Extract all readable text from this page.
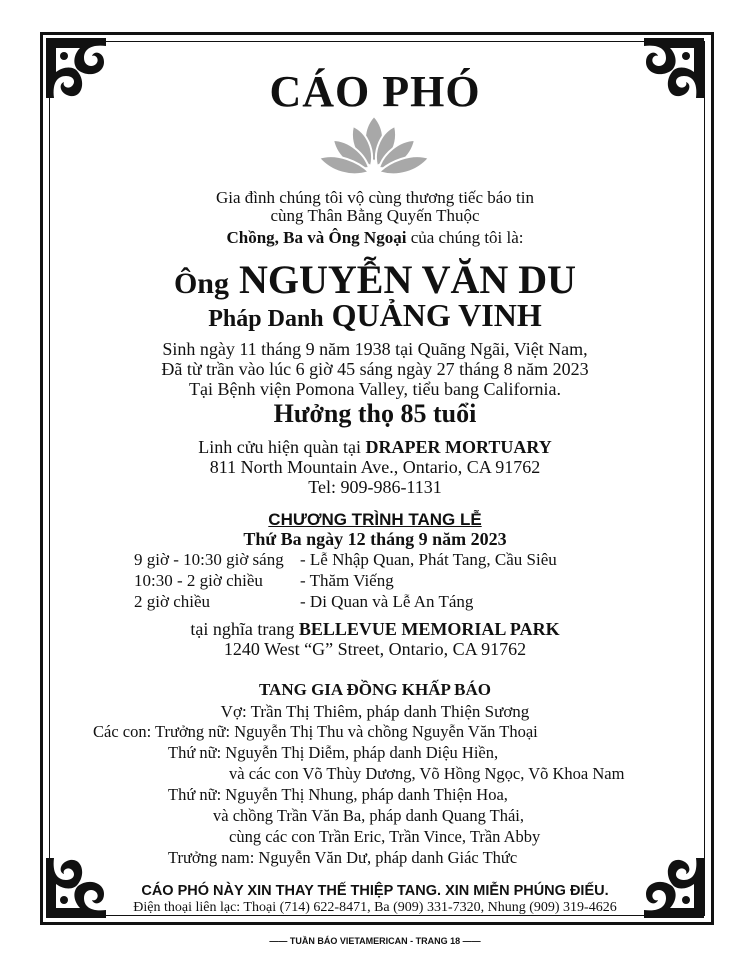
CÁO PHÓ
Gia đình chúng tôi vộ cùng thương tiếc báo tin
cùng Thân Bằng Quyến Thuộc
Chồng, Ba và Ông Ngoại của chúng tôi là:
Ông NGUYỄN VĂN DU
Pháp Danh QUẢNG VINH
Sinh ngày 11 tháng 9 năm 1938 tại Quãng Ngãi, Việt Nam,
Đã từ trần vào lúc 6 giờ 45 sáng ngày 27 tháng 8 năm 2023
Tại Bệnh viện Pomona Valley, tiểu bang California.
Hưởng thọ 85 tuổi
Linh cửu hiện quàn tại DRAPER MORTUARY
811 North Mountain Ave., Ontario, CA 91762
Tel: 909-986-1131
CHƯƠNG TRÌNH TANG LỄ
Thứ Ba ngày 12 tháng 9 năm 2023
9 giờ - 10:30 giờ sáng - Lễ Nhập Quan, Phát Tang, Cầu Siêu
10:30 - 2 giờ chiều - Thăm Viếng
2 giờ chiều	- Di Quan và Lễ An Táng
tại nghĩa trang BELLEVUE MEMORIAL PARK
1240 West “G” Street, Ontario, CA 91762
TANG GIA ĐỒNG KHẤP BÁO
Vợ: Trần Thị Thiêm, pháp danh Thiện Sương
Các con: Trưởng nữ: Nguyễn Thị Thu và chồng Nguyễn Văn Thoại
Thứ nữ: Nguyễn Thị Diễm, pháp danh Diệu Hiền,
và các con Võ Thùy Dương, Võ Hồng Ngọc, Võ Khoa Nam
Thứ nữ: Nguyễn Thị Nhung, pháp danh Thiện Hoa,
và chồng Trần Văn Ba, pháp danh Quang Thái,
cùng các con Trần Eric, Trần Vince, Trần Abby
Trưởng nam: Nguyễn Văn Dư, pháp danh Giác Thức
CÁO PHÓ NÀY XIN THAY THẾ THIỆP TANG. XIN MIỄN PHÚNG ĐIẾU.
Điện thoại liên lạc: Thoại (714) 622-8471, Ba (909) 331-7320, Nhung (909) 319-4626
—— TUẦN BÁO VIETAMERICAN - TRANG 18 ——
